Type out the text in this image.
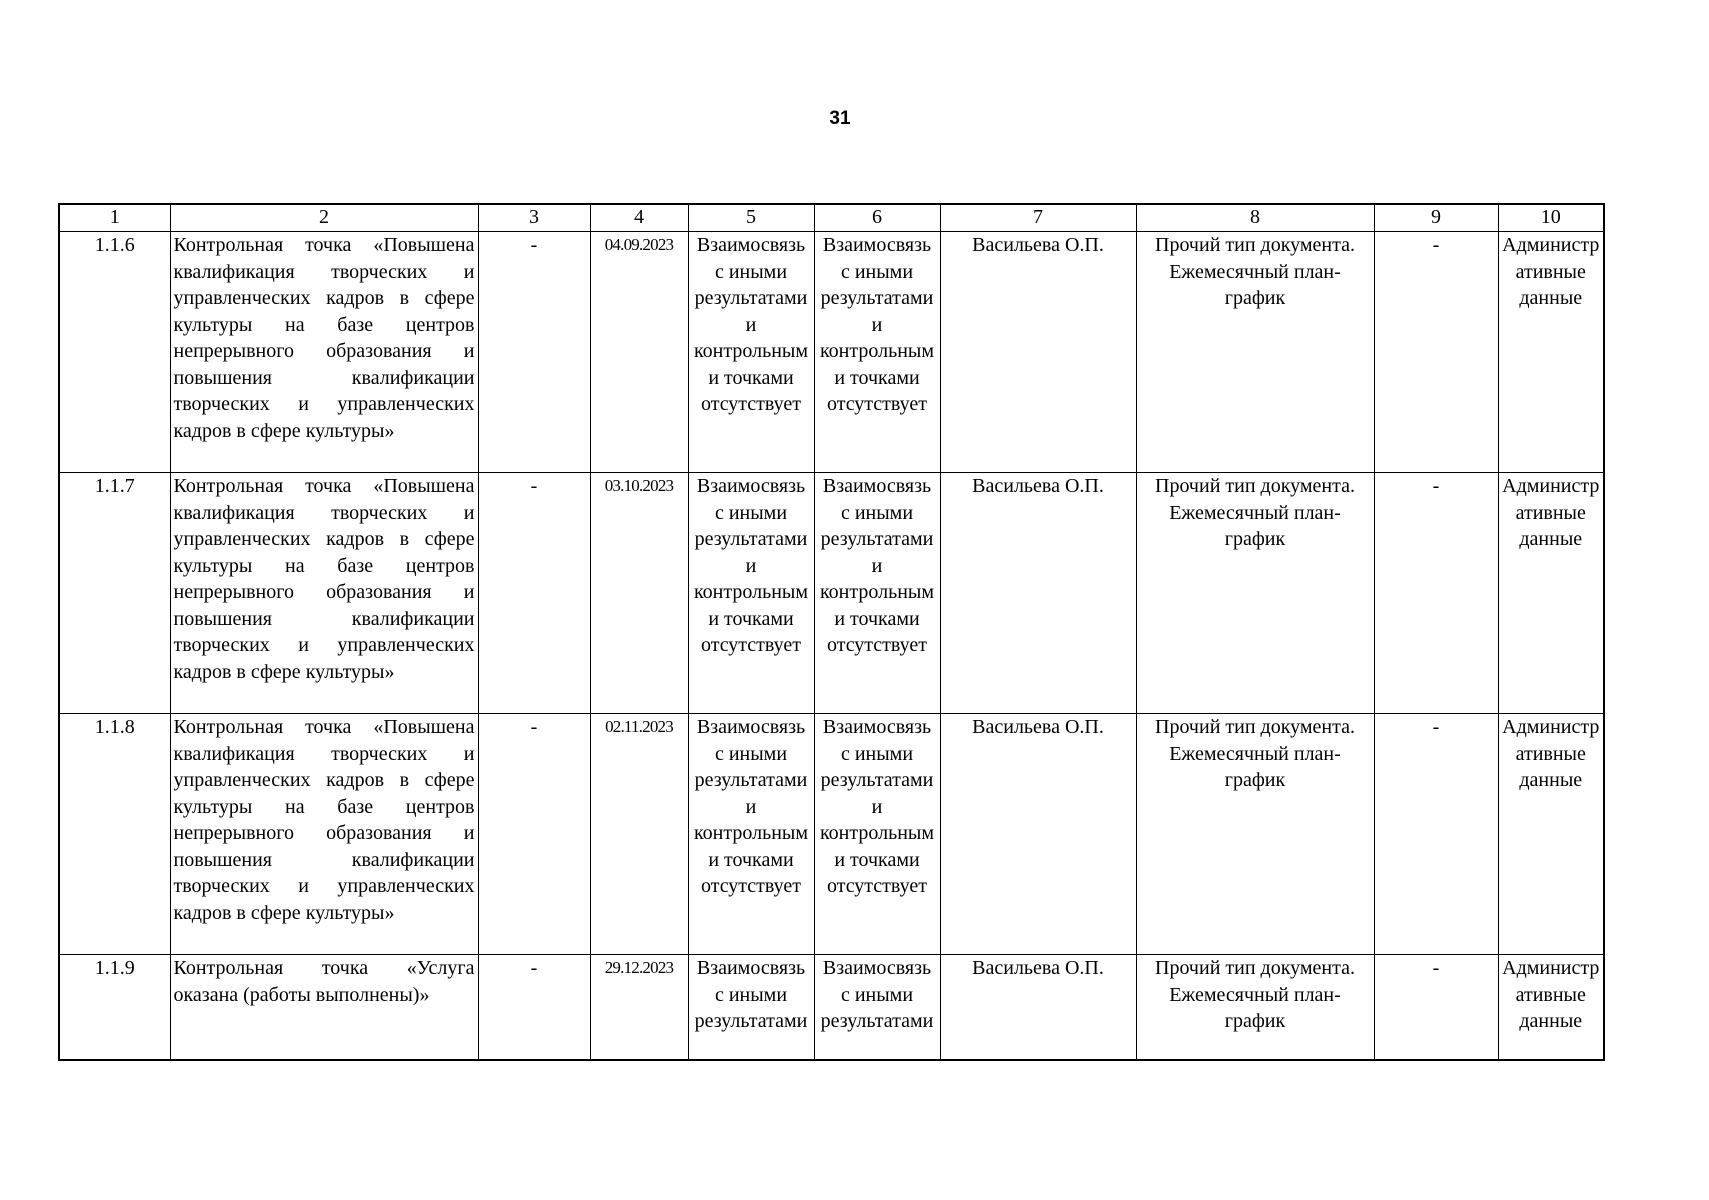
31
1	2	3	4	5	6	7	8	9	10
1.1.6	Контрольная точка «Повышена квалификация творческих и управленческих кадров в сфере культуры на базе центров непрерывного образования и повышения квалификации творческих и управленческих кадров в сфере культуры»	-	04.09.2023	Взаимосвязь с иными результатами и контрольными точками отсутствует	Взаимосвязь с иными результатами и контрольными точками отсутствует	Васильева О.П.	Прочий тип документа. Ежемесячный план-график	-	Административные данные
1.1.7	Контрольная точка «Повышена квалификация творческих и управленческих кадров в сфере культуры на базе центров непрерывного образования и повышения квалификации творческих и управленческих кадров в сфере культуры»	-	03.10.2023	Взаимосвязь с иными результатами и контрольными точками отсутствует	Взаимосвязь с иными результатами и контрольными точками отсутствует	Васильева О.П.	Прочий тип документа. Ежемесячный план-график	-	Административные данные
1.1.8	Контрольная точка «Повышена квалификация творческих и управленческих кадров в сфере культуры на базе центров непрерывного образования и повышения квалификации творческих и управленческих кадров в сфере культуры»	-	02.11.2023	Взаимосвязь с иными результатами и контрольными точками отсутствует	Взаимосвязь с иными результатами и контрольными точками отсутствует	Васильева О.П.	Прочий тип документа. Ежемесячный план-график	-	Административные данные
1.1.9	Контрольная точка «Услуга оказана (работы выполнены)»	-	29.12.2023	Взаимосвязь с иными результатами	Взаимосвязь с иными результатами	Васильева О.П.	Прочий тип документа. Ежемесячный план-график	-	Административные данные
